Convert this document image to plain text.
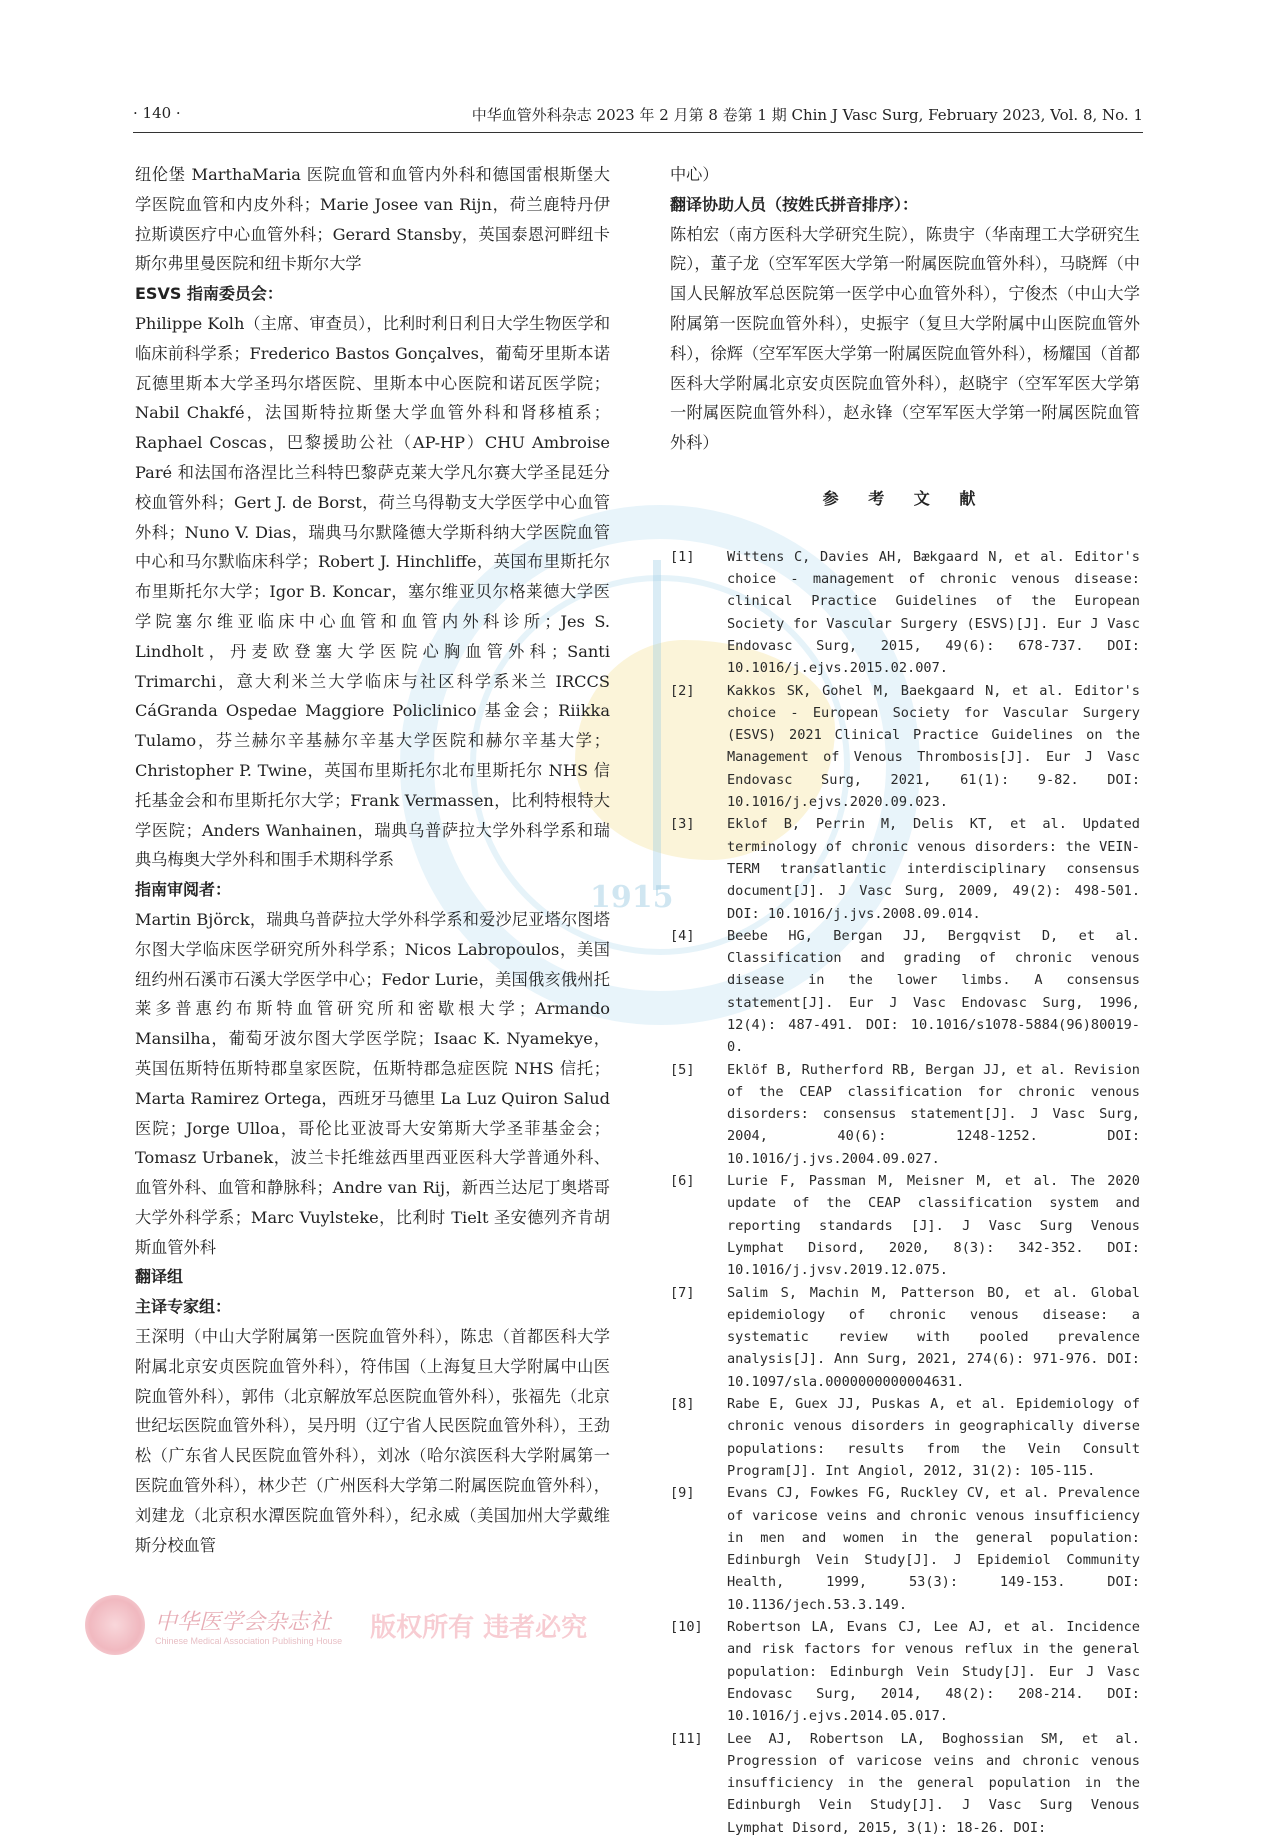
1915
· 140 ·	中华血管外科杂志 2023 年 2 月第 8 卷第 1 期 Chin J Vasc Surg, February 2023, Vol. 8, No. 1

纽伦堡 MarthaMaria 医院血管和血管内外科和德国雷根斯堡大学医院血管和内皮外科；Marie Josee van Rijn，荷兰鹿特丹伊拉斯谟医疗中心血管外科；Gerard Stansby，英国泰恩河畔纽卡斯尔弗里曼医院和纽卡斯尔大学

ESVS 指南委员会：

Philippe Kolh（主席、审查员），比利时利日利日大学生物医学和临床前科学系；Frederico Bastos Gonçalves，葡萄牙里斯本诺瓦德里斯本大学圣玛尔塔医院、里斯本中心医院和诺瓦医学院；Nabil Chakfé，法国斯特拉斯堡大学血管外科和肾移植系；Raphael Coscas，巴黎援助公社（AP-HP）CHU Ambroise Paré 和法国布洛涅比兰科特巴黎萨克莱大学凡尔赛大学圣昆廷分校血管外科；Gert J. de Borst，荷兰乌得勒支大学医学中心血管外科；Nuno V. Dias，瑞典马尔默隆德大学斯科纳大学医院血管中心和马尔默临床科学；Robert J. Hinchliffe，英国布里斯托尔布里斯托尔大学；Igor B. Koncar，塞尔维亚贝尔格莱德大学医学院塞尔维亚临床中心血管和血管内外科诊所；Jes S. Lindholt，丹麦欧登塞大学医院心胸血管外科；Santi Trimarchi，意大利米兰大学临床与社区科学系米兰 IRCCS CáGranda Ospedae Maggiore Policlinico 基金会；Riikka Tulamo，芬兰赫尔辛基赫尔辛基大学医院和赫尔辛基大学；Christopher P. Twine，英国布里斯托尔北布里斯托尔 NHS 信托基金会和布里斯托尔大学；Frank Vermassen，比利特根特大学医院；Anders Wanhainen，瑞典乌普萨拉大学外科学系和瑞典乌梅奥大学外科和围手术期科学系

指南审阅者：

Martin Björck，瑞典乌普萨拉大学外科学系和爱沙尼亚塔尔图塔尔图大学临床医学研究所外科学系；Nicos Labropoulos，美国纽约州石溪市石溪大学医学中心；Fedor Lurie，美国俄亥俄州托莱多普惠约布斯特血管研究所和密歇根大学；Armando Mansilha，葡萄牙波尔图大学医学院；Isaac K. Nyamekye，英国伍斯特伍斯特郡皇家医院，伍斯特郡急症医院 NHS 信托；Marta Ramirez Ortega，西班牙马德里 La Luz Quiron Salud 医院；Jorge Ulloa，哥伦比亚波哥大安第斯大学圣菲基金会；Tomasz Urbanek，波兰卡托维兹西里西亚医科大学普通外科、血管外科、血管和静脉科；Andre van Rij，新西兰达尼丁奥塔哥大学外科学系；Marc Vuylsteke，比利时 Tielt 圣安德列齐肯胡斯血管外科

翻译组
主译专家组：

王深明（中山大学附属第一医院血管外科），陈忠（首都医科大学附属北京安贞医院血管外科），符伟国（上海复旦大学附属中山医院血管外科），郭伟（北京解放军总医院血管外科），张福先（北京世纪坛医院血管外科），吴丹明（辽宁省人民医院血管外科），王劲松（广东省人民医院血管外科），刘冰（哈尔滨医科大学附属第一医院血管外科），林少芒（广州医科大学第二附属医院血管外科），刘建龙（北京积水潭医院血管外科），纪永威（美国加州大学戴维斯分校血管

中心）

翻译协助人员（按姓氏拼音排序）：

陈柏宏（南方医科大学研究生院），陈贵宇（华南理工大学研究生院），董子龙（空军军医大学第一附属医院血管外科），马晓辉（中国人民解放军总医院第一医学中心血管外科），宁俊杰（中山大学附属第一医院血管外科），史振宇（复旦大学附属中山医院血管外科），徐辉（空军军医大学第一附属医院血管外科），杨耀国（首都医科大学附属北京安贞医院血管外科），赵晓宇（空军军医大学第一附属医院血管外科），赵永锋（空军军医大学第一附属医院血管外科）

参 考 文 献
[1]	Wittens C, Davies AH, Bækgaard N, et al. Editor's choice - management of chronic venous disease: clinical Practice Guidelines of the European Society for Vascular Surgery (ESVS)[J]. Eur J Vasc Endovasc Surg, 2015, 49(6): 678-737. DOI: 10.1016/j.ejvs.2015.02.007.
[2]	Kakkos SK, Gohel M, Baekgaard N, et al. Editor's choice - European Society for Vascular Surgery (ESVS) 2021 Clinical Practice Guidelines on the Management of Venous Thrombosis[J]. Eur J Vasc Endovasc Surg, 2021, 61(1): 9-82. DOI: 10.1016/j.ejvs.2020.09.023.
[3]	Eklof B, Perrin M, Delis KT, et al. Updated terminology of chronic venous disorders: the VEIN-TERM transatlantic interdisciplinary consensus document[J]. J Vasc Surg, 2009, 49(2): 498-501. DOI: 10.1016/j.jvs.2008.09.014.
[4]	Beebe HG, Bergan JJ, Bergqvist D, et al. Classification and grading of chronic venous disease in the lower limbs. A consensus statement[J]. Eur J Vasc Endovasc Surg, 1996, 12(4): 487-491. DOI: 10.1016/s1078-5884(96)80019-0.
[5]	Eklöf B, Rutherford RB, Bergan JJ, et al. Revision of the CEAP classification for chronic venous disorders: consensus statement[J]. J Vasc Surg, 2004, 40(6): 1248-1252. DOI: 10.1016/j.jvs.2004.09.027.
[6]	Lurie F, Passman M, Meisner M, et al. The 2020 update of the CEAP classification system and reporting standards [J]. J Vasc Surg Venous Lymphat Disord, 2020, 8(3): 342-352. DOI: 10.1016/j.jvsv.2019.12.075.
[7]	Salim S, Machin M, Patterson BO, et al. Global epidemiology of chronic venous disease: a systematic review with pooled prevalence analysis[J]. Ann Surg, 2021, 274(6): 971-976. DOI: 10.1097/sla.0000000000004631.
[8]	Rabe E, Guex JJ, Puskas A, et al. Epidemiology of chronic venous disorders in geographically diverse populations: results from the Vein Consult Program[J]. Int Angiol, 2012, 31(2): 105-115.
[9]	Evans CJ, Fowkes FG, Ruckley CV, et al. Prevalence of varicose veins and chronic venous insufficiency in men and women in the general population: Edinburgh Vein Study[J]. J Epidemiol Community Health, 1999, 53(3): 149-153. DOI: 10.1136/jech.53.3.149.
[10]	Robertson LA, Evans CJ, Lee AJ, et al. Incidence and risk factors for venous reflux in the general population: Edinburgh Vein Study[J]. Eur J Vasc Endovasc Surg, 2014, 48(2): 208-214. DOI: 10.1016/j.ejvs.2014.05.017.
[11]	Lee AJ, Robertson LA, Boghossian SM, et al. Progression of varicose veins and chronic venous insufficiency in the general population in the Edinburgh Vein Study[J]. J Vasc Surg Venous Lymphat Disord, 2015, 3(1): 18-26. DOI:
中华医学会杂志社
Chinese Medical Association Publishing House 版权所有 违者必究
